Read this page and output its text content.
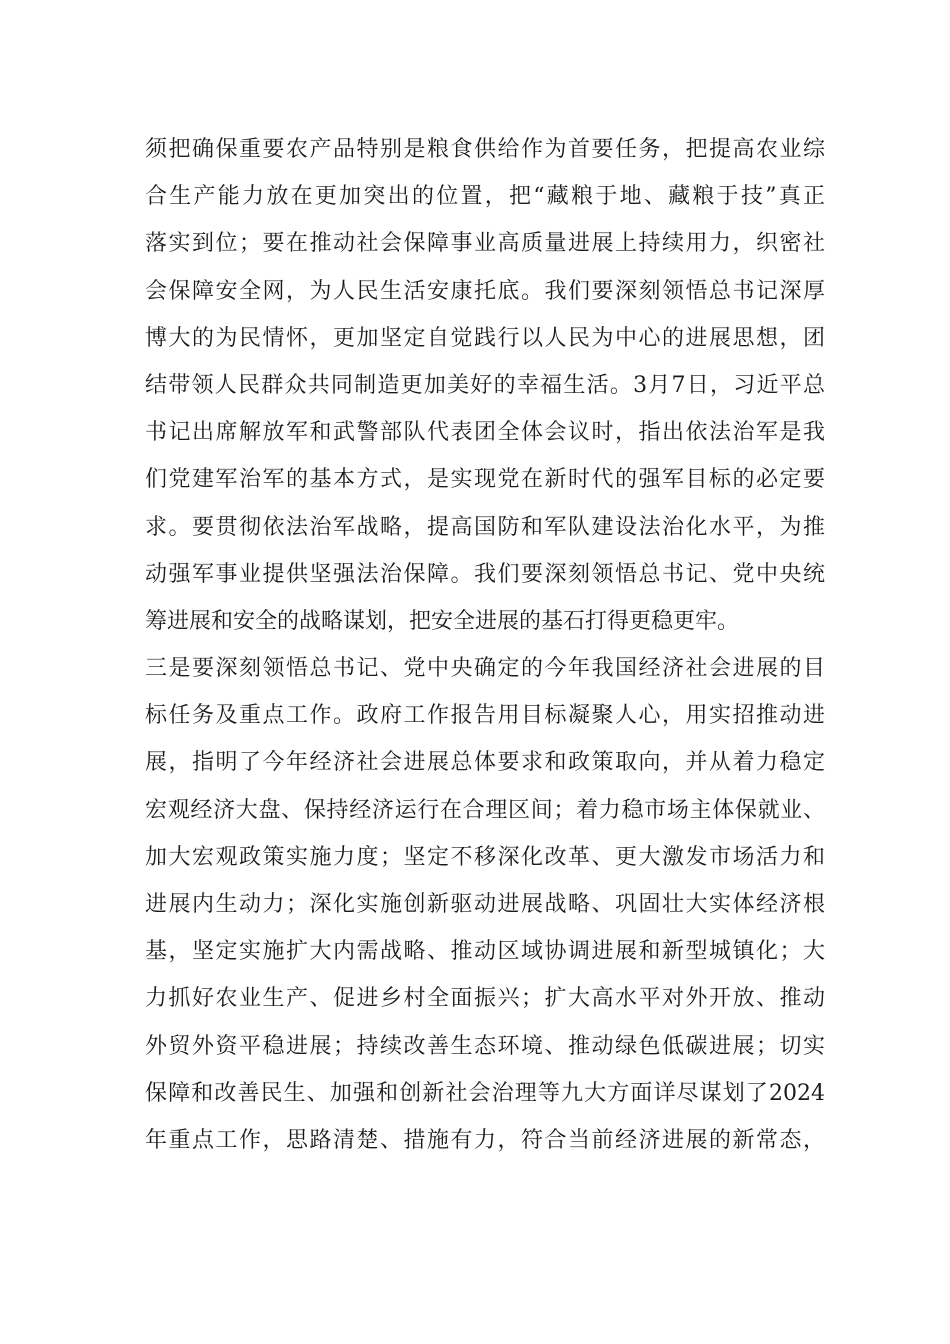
须把确保重要农产品特别是粮食供给作为首要任务，把提高农业综
合生产能力放在更加突出的位置，把“藏粮于地、藏粮于技”真正
落实到位；要在推动社会保障事业高质量进展上持续用力，织密社
会保障安全网，为人民生活安康托底。我们要深刻领悟总书记深厚
博大的为民情怀，更加坚定自觉践行以人民为中心的进展思想，团
结带领人民群众共同制造更加美好的幸福生活。3月7日，习近平总
书记出席解放军和武警部队代表团全体会议时，指出依法治军是我
们党建军治军的基本方式，是实现党在新时代的强军目标的必定要
求。要贯彻依法治军战略，提高国防和军队建设法治化水平，为推
动强军事业提供坚强法治保障。我们要深刻领悟总书记、党中央统
筹进展和安全的战略谋划，把安全进展的基石打得更稳更牢。
三是要深刻领悟总书记、党中央确定的今年我国经济社会进展的目
标任务及重点工作。政府工作报告用目标凝聚人心，用实招推动进
展，指明了今年经济社会进展总体要求和政策取向，并从着力稳定
宏观经济大盘、保持经济运行在合理区间；着力稳市场主体保就业、
加大宏观政策实施力度；坚定不移深化改革、更大激发市场活力和
进展内生动力；深化实施创新驱动进展战略、巩固壮大实体经济根
基，坚定实施扩大内需战略、推动区域协调进展和新型城镇化；大
力抓好农业生产、促进乡村全面振兴；扩大高水平对外开放、推动
外贸外资平稳进展；持续改善生态环境、推动绿色低碳进展；切实
保障和改善民生、加强和创新社会治理等九大方面详尽谋划了2024
年重点工作，思路清楚、措施有力，符合当前经济进展的新常态，
